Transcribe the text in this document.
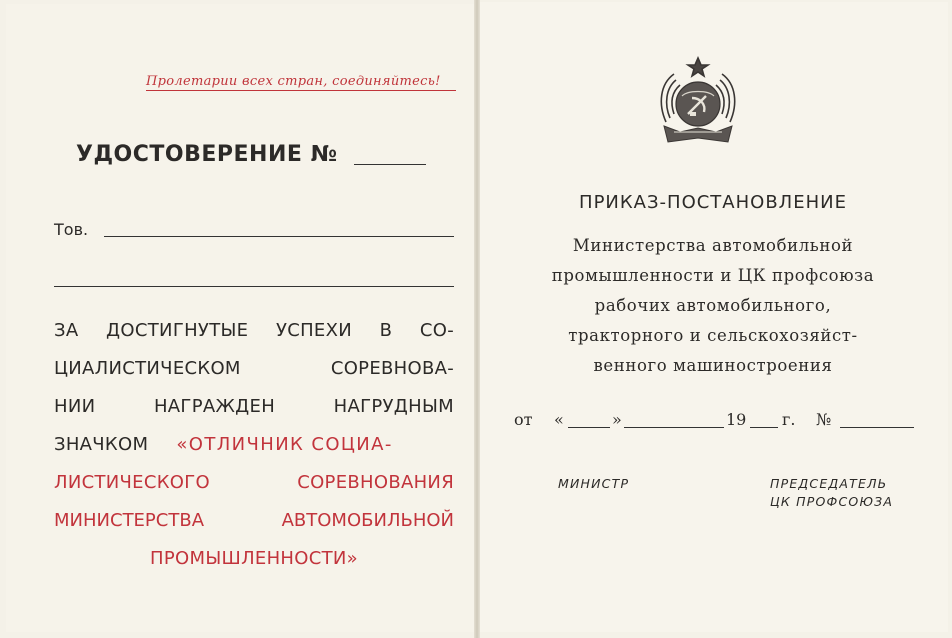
Пролетарии всех стран, соединяйтесь!
УДОСТОВЕРЕНИЕ №
Тов.
ЗА ДОСТИГНУТЫЕ УСПЕХИ В СО-
ЦИАЛИСТИЧЕСКОМ СОРЕВНОВА-
НИИ НАГРАЖДЕН НАГРУДНЫМ
ЗНАЧКОМ «ОТЛИЧНИК СОЦИА-
ЛИСТИЧЕСКОГО СОРЕВНОВАНИЯ
МИНИСТЕРСТВА АВТОМОБИЛЬНОЙ
ПРОМЫШЛЕННОСТИ»
ПРИКАЗ-ПОСТАНОВЛЕНИЕ
Министерства автомобильной
промышленности и ЦК профсоюза
рабочих автомобильного,
тракторного и сельскохозяйст-
венного машиностроения
от «	»	19 г. №
МИНИСТР	ПРЕДСЕДАТЕЛЬ
ЦК ПРОФСОЮЗА
